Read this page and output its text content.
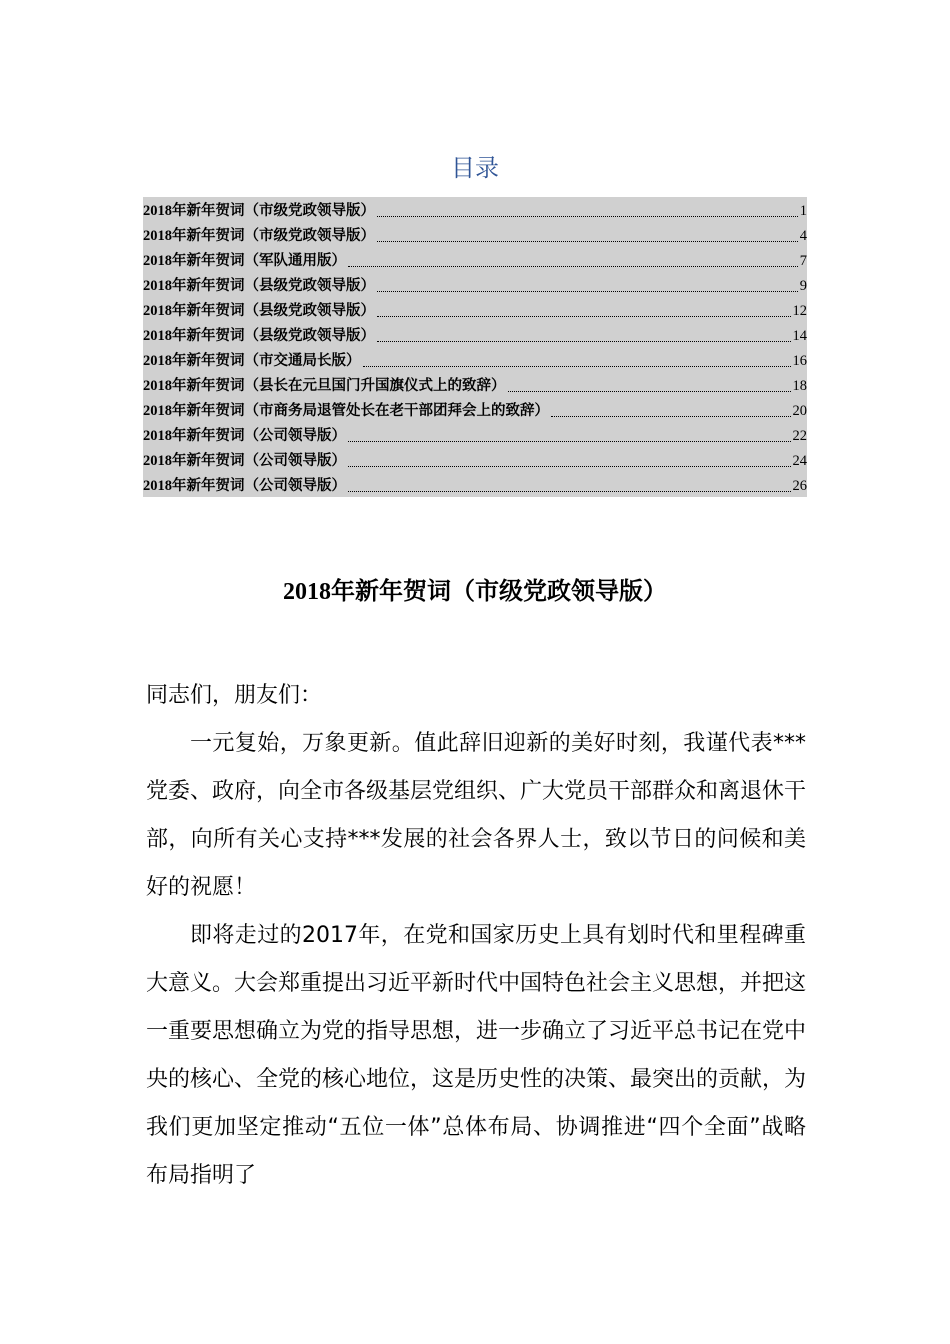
目录
2018年新年贺词（市级党政领导版）	1
2018年新年贺词（市级党政领导版）	4
2018年新年贺词（军队通用版）	7
2018年新年贺词（县级党政领导版）	9
2018年新年贺词（县级党政领导版）	12
2018年新年贺词（县级党政领导版）	14
2018年新年贺词（市交通局长版）	16
2018年新年贺词（县长在元旦国门升国旗仪式上的致辞）	18
2018年新年贺词（市商务局退管处长在老干部团拜会上的致辞）	20
2018年新年贺词（公司领导版）	22
2018年新年贺词（公司领导版）	24
2018年新年贺词（公司领导版）	26
2018年新年贺词（市级党政领导版）

同志们，朋友们：

一元复始，万象更新。值此辞旧迎新的美好时刻，我谨代表***党委、政府，向全市各级基层党组织、广大党员干部群众和离退休干部，向所有关心支持***发展的社会各界人士，致以节日的问候和美好的祝愿！

即将走过的2017年，在党和国家历史上具有划时代和里程碑重大意义。大会郑重提出习近平新时代中国特色社会主义思想，并把这一重要思想确立为党的指导思想，进一步确立了习近平总书记在党中央的核心、全党的核心地位，这是历史性的决策、最突出的贡献，为我们更加坚定推动“五位一体”总体布局、协调推进“四个全面”战略布局指明了
